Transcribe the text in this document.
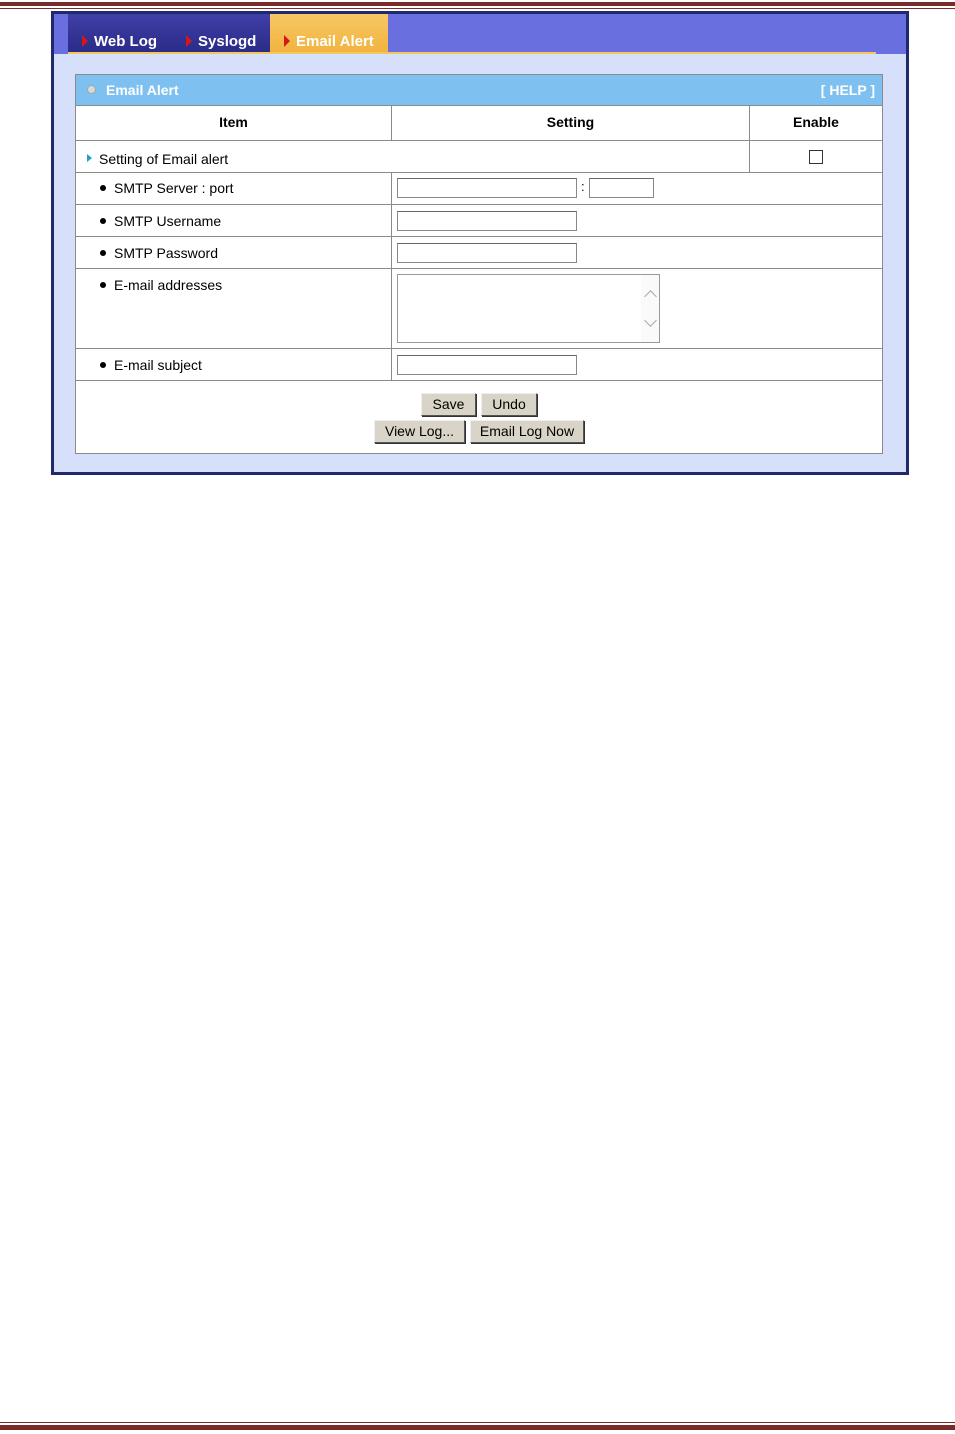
Web Log	Syslogd	Email Alert
Email Alert	[ HELP ]
Item	Setting	Enable
Setting of Email alert
SMTP Server : port	:
SMTP Username
SMTP Password
E-mail addresses
E-mail subject
Save	Undo
View Log...	Email Log Now
